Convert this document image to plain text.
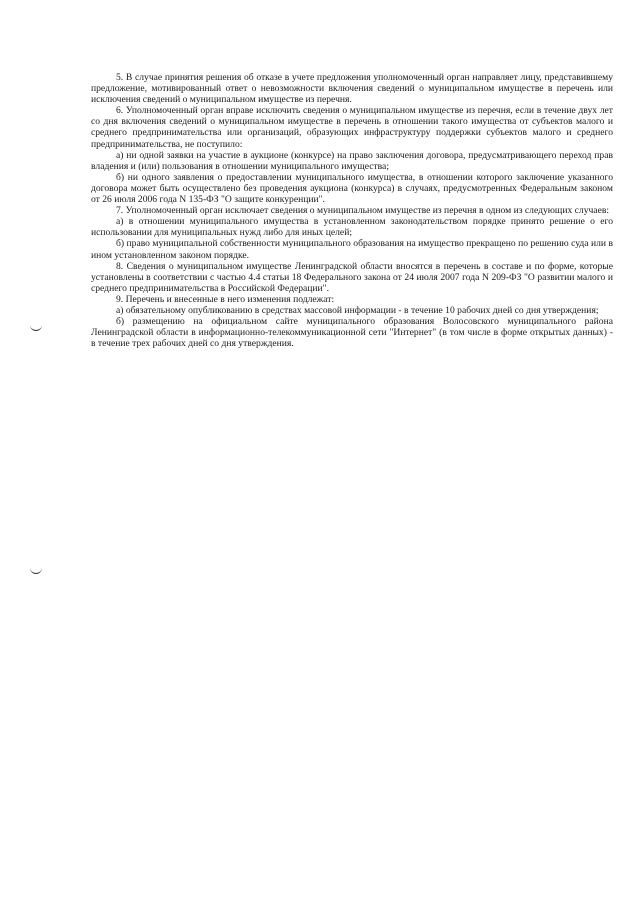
5. В случае принятия решения об отказе в учете предложения уполномоченный орган направляет лицу, представившему предложение, мотивированный ответ о невозможности включения сведений о муниципальном имуществе в перечень или исключения сведений о муниципальном имуществе из перечня.

6. Уполномоченный орган вправе исключить сведения о муниципальном имуществе из перечня, если в течение двух лет со дня включения сведений о муниципальном имуществе в перечень в отношении такого имущества от субъектов малого и среднего предпринимательства или организаций, образующих инфраструктуру поддержки субъектов малого и среднего предпринимательства, не поступило:

а) ни одной заявки на участие в аукционе (конкурсе) на право заключения договора, предусматривающего переход прав владения и (или) пользования в отношении муниципального имущества;

б) ни одного заявления о предоставлении муниципального имущества, в отношении которого заключение указанного договора может быть осуществлено без проведения аукциона (конкурса) в случаях, предусмотренных Федеральным законом от 26 июля 2006 года N 135-ФЗ "О защите конкуренции".

7. Уполномоченный орган исключает сведения о муниципальном имуществе из перечня в одном из следующих случаев:

а) в отношении муниципального имущества в установленном законодательством порядке принято решение о его использовании для муниципальных нужд либо для иных целей;

б) право муниципальной собственности муниципального образования на имущество прекращено по решению суда или в ином установленном законом порядке.

8. Сведения о муниципальном имуществе Ленинградской области вносятся в перечень в составе и по форме, которые установлены в соответствии с частью 4.4 статьи 18 Федерального закона от 24 июля 2007 года N 209-ФЗ "О развитии малого и среднего предпринимательства в Российской Федерации".

9. Перечень и внесенные в него изменения подлежат:

а) обязательному опубликованию в средствах массовой информации - в течение 10 рабочих дней со дня утверждения;

б) размещению на официальном сайте муниципального образования Волосовского муниципального района Ленинградской области в информационно-телекоммуникационной сети "Интернет" (в том числе в форме открытых данных) - в течение трех рабочих дней со дня утверждения.
